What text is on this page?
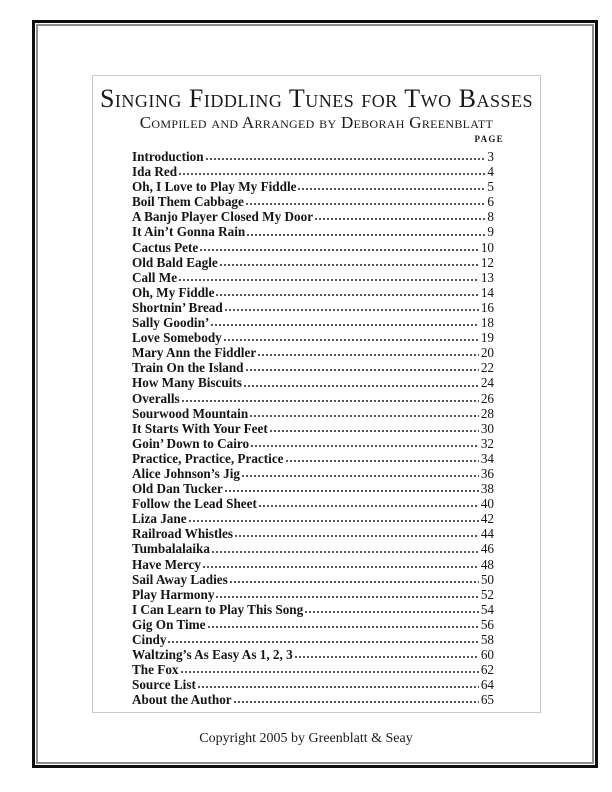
Singing Fiddling Tunes for Two Basses
Compiled and Arranged by Deborah Greenblatt
PAGE
Introduction	3
Ida Red	4
Oh, I Love to Play My Fiddle	5
Boil Them Cabbage	6
A Banjo Player Closed My Door	8
It Ain’t Gonna Rain	9
Cactus Pete	10
Old Bald Eagle	12
Call Me	13
Oh, My Fiddle	14
Shortnin’ Bread	16
Sally Goodin’	18
Love Somebody	19
Mary Ann the Fiddler	20
Train On the Island	22
How Many Biscuits	24
Overalls	26
Sourwood Mountain	28
It Starts With Your Feet	30
Goin’ Down to Cairo	32
Practice, Practice, Practice	34
Alice Johnson’s Jig	36
Old Dan Tucker	38
Follow the Lead Sheet	40
Liza Jane	42
Railroad Whistles	44
Tumbalalaika	46
Have Mercy	48
Sail Away Ladies	50
Play Harmony	52
I Can Learn to Play This Song	54
Gig On Time	56
Cindy	58
Waltzing’s As Easy As 1, 2, 3	60
The Fox	62
Source List	64
About the Author	65
Copyright 2005 by Greenblatt & Seay
